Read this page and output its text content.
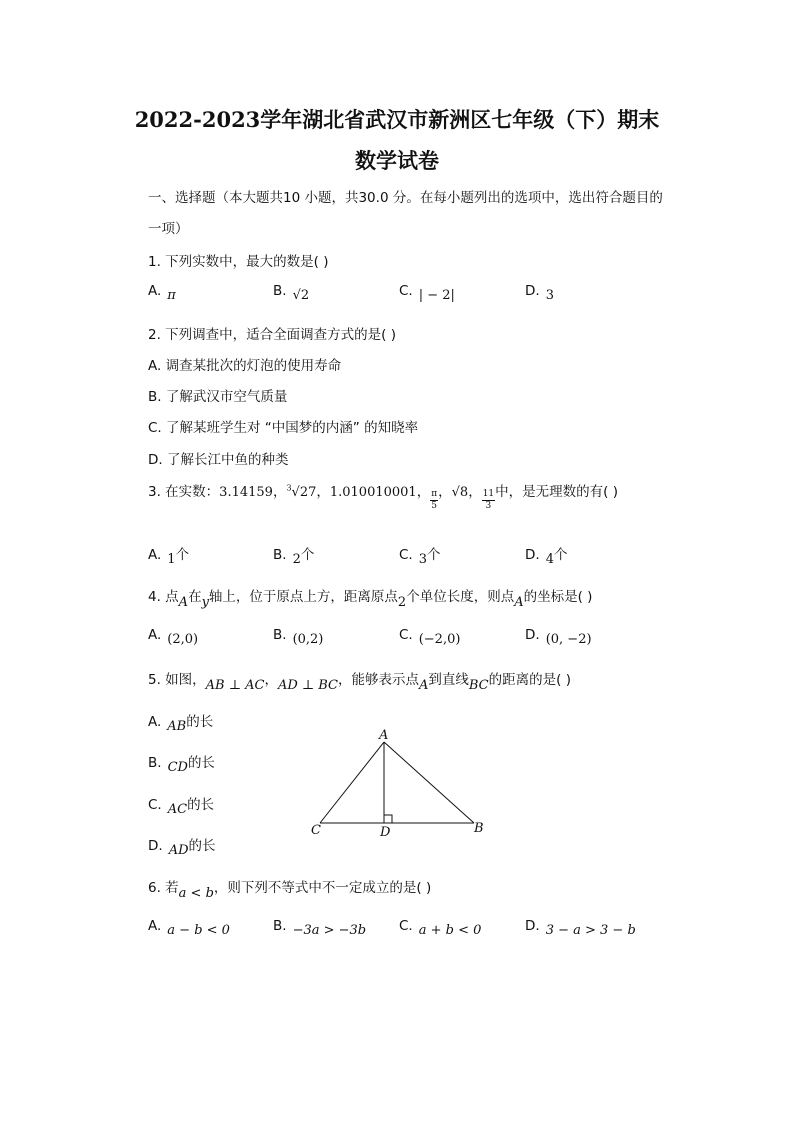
2022-2023学年湖北省武汉市新洲区七年级（下）期末
数学试卷
一、选择题（本大题共10 小题，共30.0 分。在每小题列出的选项中，选出符合题目的
一项）
1. 下列实数中，最大的数是( )
A. π	B. √2	C. | − 2|	D. 3
2. 下列调查中，适合全面调查方式的是( )
A. 调查某批次的灯泡的使用寿命
B. 了解武汉市空气质量
C. 了解某班学生对 “中国梦的内涵” 的知晓率
D. 了解长江中鱼的种类
3. 在实数：3.14159，$^3$√27，1.010010001， $\frac{\pi}{5}$ ，√8， $\frac{11}{3}$ 中，是无理数的有( )
A. 1个	B. 2个	C. 3个	D. 4个
4. 点A在y轴上，位于原点上方，距离原点2个单位长度，则点A的坐标是( )
A. (2,0)	B. (0,2)	C. (−2,0)	D. (0, −2)
5. 如图，AB ⊥ AC，AD ⊥ BC，能够表示点A到直线BC的距离的是( )
A. AB的长
B. CD的长
C. AC的长
D. AD的长
A
C	D	B
6. 若a < b，则下列不等式中不一定成立的是( )
A. a − b < 0	B. −3a > −3b C. a + b < 0	D. 3 − a > 3 − b
